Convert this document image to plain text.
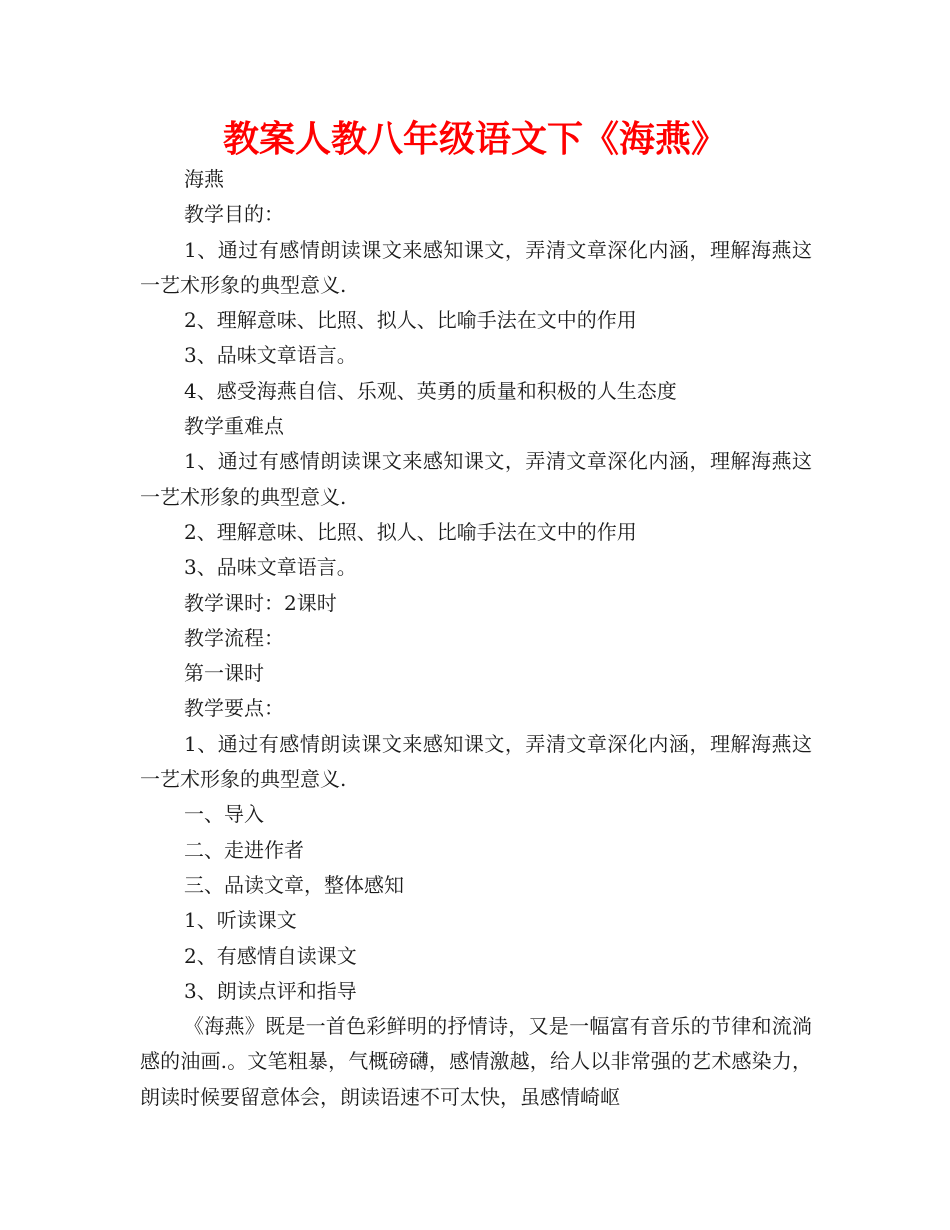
教案人教八年级语文下《海燕》

海燕

教学目的：

1、通过有感情朗读课文来感知课文，弄清文章深化内涵，理解海燕这一艺术形象的典型意义.

2、理解意味、比照、拟人、比喻手法在文中的作用

3、品味文章语言。

4、感受海燕自信、乐观、英勇的质量和积极的人生态度

教学重难点

1、通过有感情朗读课文来感知课文，弄清文章深化内涵，理解海燕这一艺术形象的典型意义.

2、理解意味、比照、拟人、比喻手法在文中的作用

3、品味文章语言。

教学课时：2课时

教学流程：

第一课时

教学要点：

1、通过有感情朗读课文来感知课文，弄清文章深化内涵，理解海燕这一艺术形象的典型意义.

一、导入

二、走进作者

三、品读文章，整体感知

1、听读课文

2、有感情自读课文

3、朗读点评和指导

《海燕》既是一首色彩鲜明的抒情诗，又是一幅富有音乐的节律和流淌感的油画.。文笔粗暴，气概磅礴，感情激越，给人以非常强的艺术感染力，朗读时候要留意体会，朗读语速不可太快，虽感情崎岖
